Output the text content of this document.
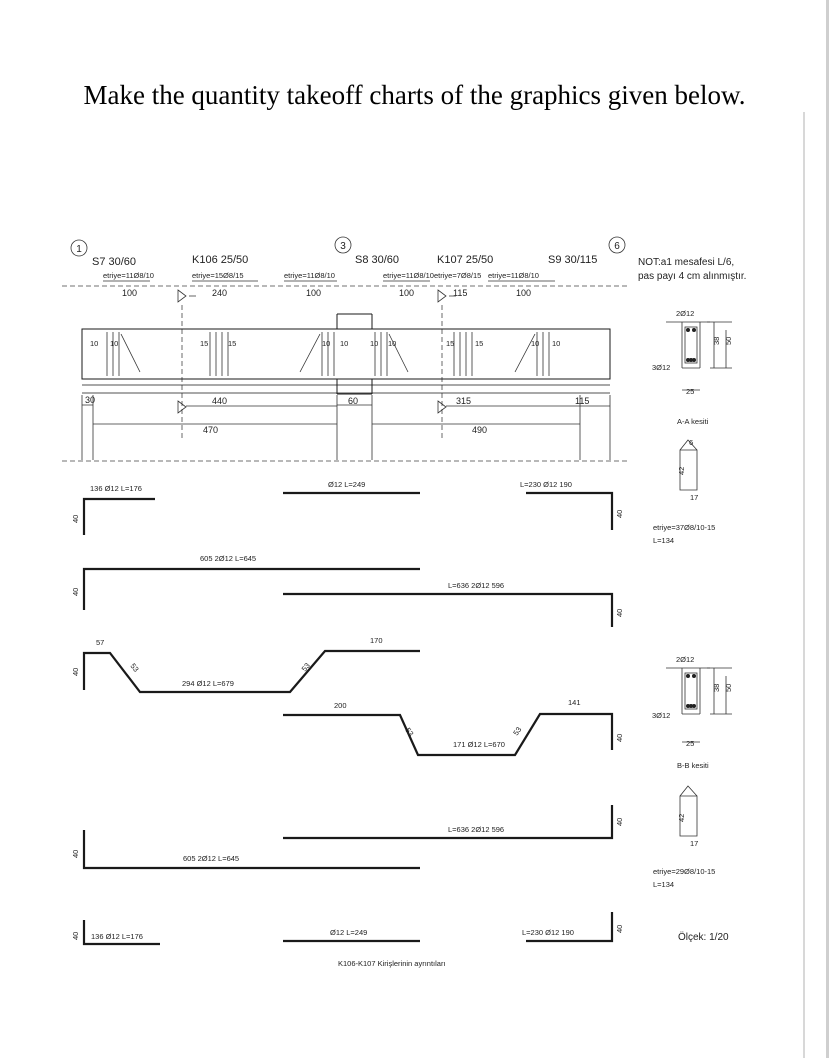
Make the quantity takeoff charts of the graphics given below.
1	3	6
S7 30/60	K106 25/50	S8 30/60	K107 25/50	S9 30/115
etriye=11Ø8/10	etriye=15Ø8/15	etriye=11Ø8/10	etriye=11Ø8/10 etriye=7Ø8/15 etriye=11Ø8/10
100	240	100	100	115	100
10 10	15	15	10 10	10 10	15	15	10 10
30	440
470
60	315
490
115
NOT:a1 mesafesi L/6,
pas payı 4 cm alınmıştır.
2Ø12
3Ø12
38 50
25
A-A kesiti
6
42
17
etriye=37Ø8/10-15
L=134
2Ø12
3Ø12
38 50
25
B-B kesiti
42
17
etriye=29Ø8/10-15
L=134
136 Ø12 L=176
40
Ø12 L=249	L=230 Ø12 190
40
605 2Ø12 L=645
40
L=636 2Ø12 596
40
57	170
40
294 Ø12 L=679
53	53
200	141
40
171 Ø12 L=670
53	53
L=636 2Ø12 596
40
605 2Ø12 L=645
40
136 Ø12 L=176
40	Ø12 L=249	L=230 Ø12 190	40
Ölçek: 1/20
K106-K107 Kirişlerinin ayrıntıları
